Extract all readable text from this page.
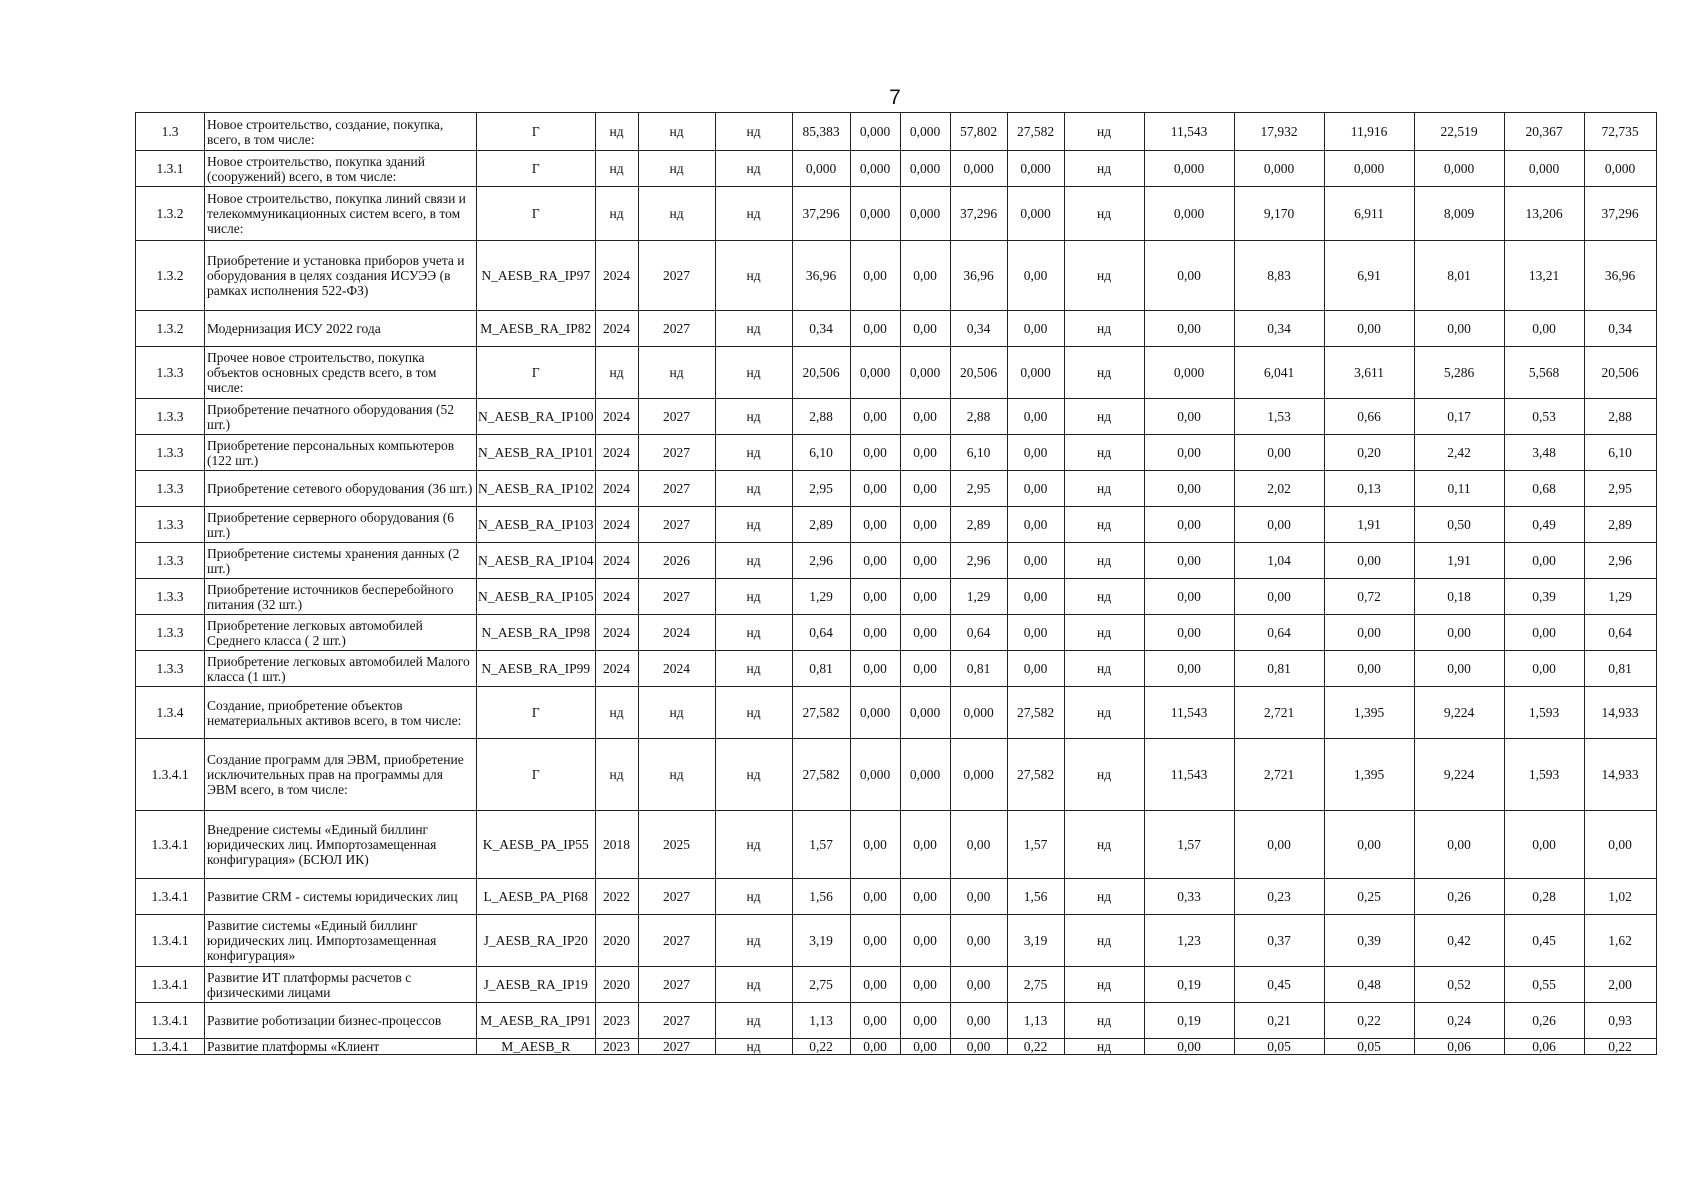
7
1.3	Новое строительство, создание, покупка, всего, в том числе:	Г	нд	нд	нд	85,383	0,000	0,000	57,802	27,582	нд	11,543	17,932	11,916	22,519	20,367	72,735
1.3.1	Новое строительство, покупка зданий (сооружений) всего, в том числе:	Г	нд	нд	нд	0,000	0,000	0,000	0,000	0,000	нд	0,000	0,000	0,000	0,000	0,000	0,000
1.3.2	Новое строительство, покупка линий связи и телекоммуникационных систем всего, в том числе:	Г	нд	нд	нд	37,296	0,000	0,000	37,296	0,000	нд	0,000	9,170	6,911	8,009	13,206	37,296
1.3.2	Приобретение и установка приборов учета и оборудования в целях создания ИСУЭЭ (в рамках исполнения 522-ФЗ)	N_AESB_RA_IP97	2024	2027	нд	36,96	0,00	0,00	36,96	0,00	нд	0,00	8,83	6,91	8,01	13,21	36,96
1.3.2	Модернизация ИСУ 2022 года	M_AESB_RA_IP82	2024	2027	нд	0,34	0,00	0,00	0,34	0,00	нд	0,00	0,34	0,00	0,00	0,00	0,34
1.3.3	Прочее новое строительство, покупка объектов основных средств всего, в том числе:	Г	нд	нд	нд	20,506	0,000	0,000	20,506	0,000	нд	0,000	6,041	3,611	5,286	5,568	20,506
1.3.3	Приобретение печатного оборудования (52 шт.)	N_AESB_RA_IP100	2024	2027	нд	2,88	0,00	0,00	2,88	0,00	нд	0,00	1,53	0,66	0,17	0,53	2,88
1.3.3	Приобретение персональных компьютеров (122 шт.)	N_AESB_RA_IP101	2024	2027	нд	6,10	0,00	0,00	6,10	0,00	нд	0,00	0,00	0,20	2,42	3,48	6,10
1.3.3	Приобретение сетевого оборудования (36 шт.)	N_AESB_RA_IP102	2024	2027	нд	2,95	0,00	0,00	2,95	0,00	нд	0,00	2,02	0,13	0,11	0,68	2,95
1.3.3	Приобретение серверного оборудования (6 шт.)	N_AESB_RA_IP103	2024	2027	нд	2,89	0,00	0,00	2,89	0,00	нд	0,00	0,00	1,91	0,50	0,49	2,89
1.3.3	Приобретение системы хранения данных (2 шт.)	N_AESB_RA_IP104	2024	2026	нд	2,96	0,00	0,00	2,96	0,00	нд	0,00	1,04	0,00	1,91	0,00	2,96
1.3.3	Приобретение источников бесперебойного питания (32 шт.)	N_AESB_RA_IP105	2024	2027	нд	1,29	0,00	0,00	1,29	0,00	нд	0,00	0,00	0,72	0,18	0,39	1,29
1.3.3	Приобретение легковых автомобилей Среднего класса ( 2 шт.)	N_AESB_RA_IP98	2024	2024	нд	0,64	0,00	0,00	0,64	0,00	нд	0,00	0,64	0,00	0,00	0,00	0,64
1.3.3	Приобретение легковых автомобилей Малого класса (1 шт.)	N_AESB_RA_IP99	2024	2024	нд	0,81	0,00	0,00	0,81	0,00	нд	0,00	0,81	0,00	0,00	0,00	0,81
1.3.4	Создание, приобретение объектов нематериальных активов всего, в том числе:	Г	нд	нд	нд	27,582	0,000	0,000	0,000	27,582	нд	11,543	2,721	1,395	9,224	1,593	14,933
1.3.4.1	Создание программ для ЭВМ, приобретение исключительных прав на программы для ЭВМ всего, в том числе:	Г	нд	нд	нд	27,582	0,000	0,000	0,000	27,582	нд	11,543	2,721	1,395	9,224	1,593	14,933
1.3.4.1	Внедрение системы «Единый биллинг юридических лиц. Импортозамещенная конфигурация» (БСЮЛ ИК)	K_AESB_PA_IP55	2018	2025	нд	1,57	0,00	0,00	0,00	1,57	нд	1,57	0,00	0,00	0,00	0,00	0,00
1.3.4.1	Развитие CRM - системы юридических лиц	L_AESB_PA_PI68	2022	2027	нд	1,56	0,00	0,00	0,00	1,56	нд	0,33	0,23	0,25	0,26	0,28	1,02
1.3.4.1	Развитие системы «Единый биллинг юридических лиц. Импортозамещенная конфигурация»	J_AESB_RA_IP20	2020	2027	нд	3,19	0,00	0,00	0,00	3,19	нд	1,23	0,37	0,39	0,42	0,45	1,62
1.3.4.1	Развитие ИТ платформы расчетов с физическими лицами	J_AESB_RA_IP19	2020	2027	нд	2,75	0,00	0,00	0,00	2,75	нд	0,19	0,45	0,48	0,52	0,55	2,00
1.3.4.1	Развитие роботизации бизнес-процессов	M_AESB_RA_IP91	2023	2027	нд	1,13	0,00	0,00	0,00	1,13	нд	0,19	0,21	0,22	0,24	0,26	0,93
1.3.4.1	Развитие платформы «Клиент	M_AESB_R	2023	2027	нд	0,22	0,00	0,00	0,00	0,22	нд	0,00	0,05	0,05	0,06	0,06	0,22
